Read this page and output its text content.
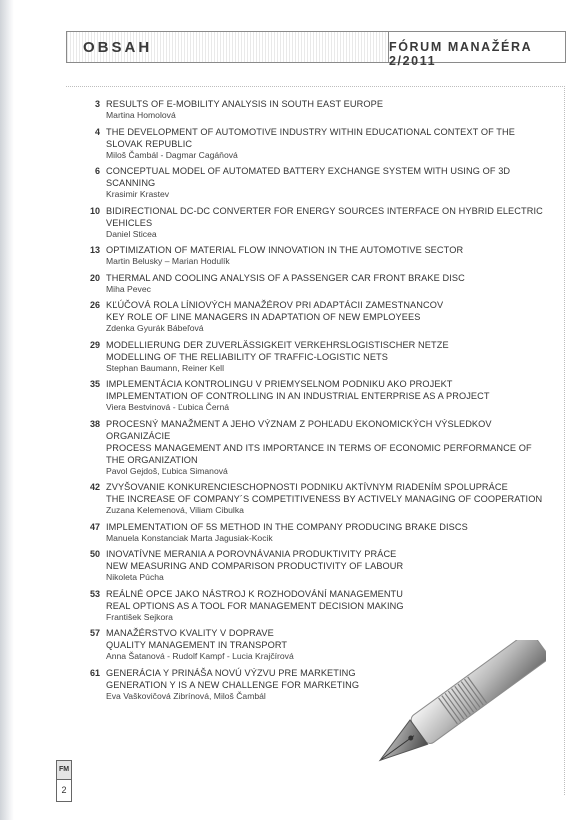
OBSAH	FÓRUM MANAŽÉRA 2/2011
3 RESULTS OF E-MOBILITY ANALYSIS IN SOUTH EAST EUROPE
Martina Homolová
4 THE DEVELOPMENT OF AUTOMOTIVE INDUSTRY WITHIN EDUCATIONAL CONTEXT OF THE SLOVAK REPUBLIC
Miloš Čambál - Dagmar Cagáňová
6 CONCEPTUAL MODEL OF AUTOMATED BATTERY EXCHANGE SYSTEM WITH USING OF 3D SCANNING
Krasimir Krastev
10 BIDIRECTIONAL DC-DC CONVERTER FOR ENERGY SOURCES INTERFACE ON HYBRID ELECTRIC VEHICLES
Daniel Sticea
13 OPTIMIZATION OF MATERIAL FLOW INNOVATION IN THE AUTOMOTIVE SECTOR
Martin Belusky – Marian Hodulík
20 THERMAL AND COOLING ANALYSIS OF A PASSENGER CAR FRONT BRAKE DISC
Miha Pevec
26 KĽÚČOVÁ ROLA LÍNIOVÝCH MANAŽÉROV PRI ADAPTÁCII ZAMESTNANCOV
KEY ROLE OF LINE MANAGERS IN ADAPTATION OF NEW EMPLOYEES
Zdenka Gyurák Bábeľová
29 MODELLIERUNG DER ZUVERLÄSSIGKEIT VERKEHRSLOGISTISCHER NETZE
MODELLING OF THE RELIABILITY OF TRAFFIC-LOGISTIC NETS
Stephan Baumann, Reiner Kell
35 IMPLEMENTÁCIA KONTROLINGU V PRIEMYSELNOM PODNIKU AKO PROJEKT
IMPLEMENTATION OF CONTROLLING IN AN INDUSTRIAL ENTERPRISE AS A PROJECT
Viera Bestvinová - Ľubica Černá
38 PROCESNÝ MANAŽMENT A JEHO VÝZNAM Z POHĽADU EKONOMICKÝCH VÝSLEDKOV ORGANIZÁCIE
PROCESS MANAGEMENT AND ITS IMPORTANCE IN TERMS OF ECONOMIC PERFORMANCE OF THE ORGANIZATION
Pavol Gejdoš, Ľubica Simanová
42 ZVYŠOVANIE KONKURENCIESCHOPNOSTI PODNIKU AKTÍVNYM RIADENÍM SPOLUPRÁCE
THE INCREASE OF COMPANY´S COMPETITIVENESS BY ACTIVELY MANAGING OF COOPERATION
Zuzana Kelemenová, Viliam Cibulka
47 IMPLEMENTATION OF 5S METHOD IN THE COMPANY PRODUCING BRAKE DISCS
Manuela Konstanciak Marta Jagusiak-Kocik
50 INOVATÍVNE MERANIA A POROVNÁVANIA PRODUKTIVITY PRÁCE
NEW MEASURING AND COMPARISON PRODUCTIVITY OF LABOUR
Nikoleta Púcha
53 REÁLNÉ OPCE JAKO NÁSTROJ K ROZHODOVÁNÍ MANAGEMENTU
REAL OPTIONS AS A TOOL FOR MANAGEMENT DECISION MAKING
František Sejkora
57 MANAŽÉRSTVO KVALITY V DOPRAVE
QUALITY MANAGEMENT IN TRANSPORT
Anna Šatanová - Rudolf Kampf - Lucia Krajčírová
61 GENERÁCIA Y PRINÁŠA NOVÚ VÝZVU PRE MARKETING
GENERATION Y IS A NEW CHALLENGE FOR MARKETING
Eva Vaškovičová Zibrínová, Miloš Čambál
FM
2
